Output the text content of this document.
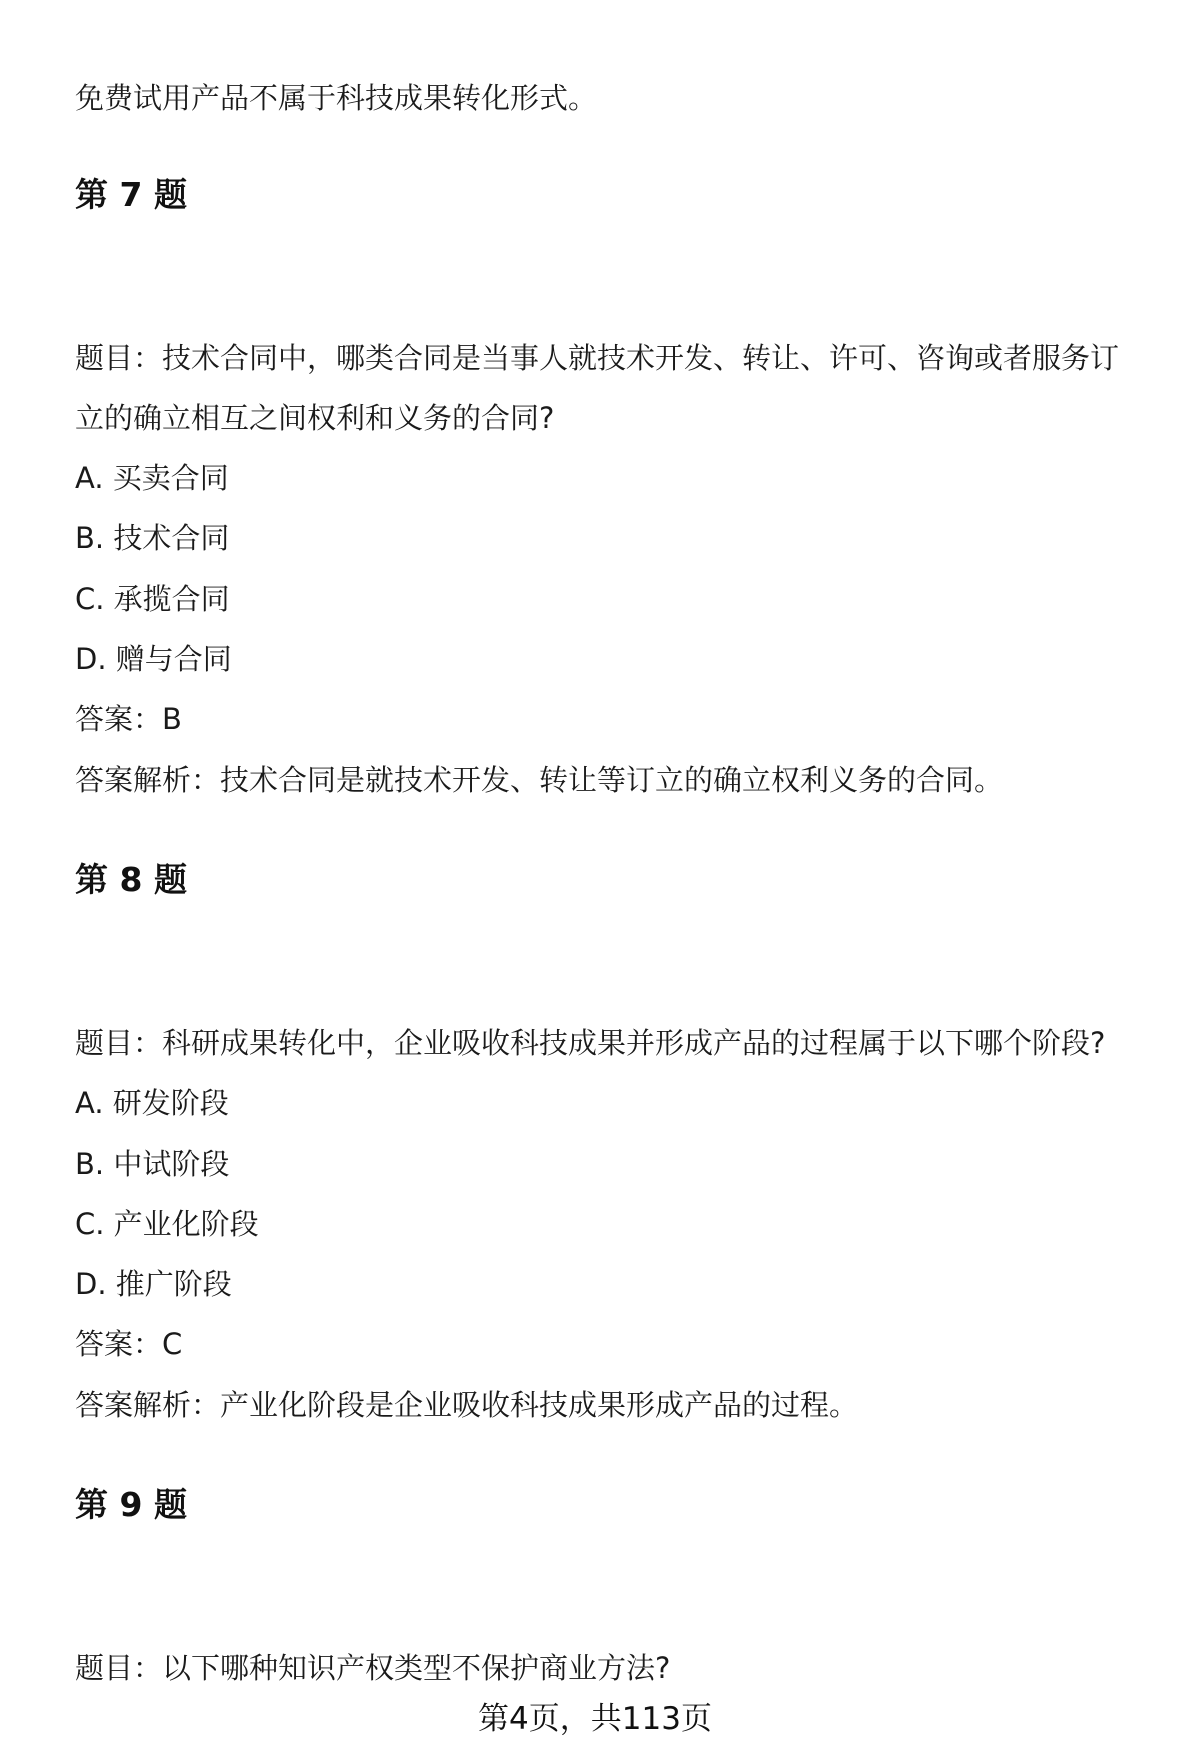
免费试用产品不属于科技成果转化形式。
第 7 题
题目：技术合同中，哪类合同是当事人就技术开发、转让、许可、咨询或者服务订
立的确立相互之间权利和义务的合同?
A. 买卖合同
B. 技术合同
C. 承揽合同
D. 赠与合同
答案：B
答案解析：技术合同是就技术开发、转让等订立的确立权利义务的合同。
第 8 题
题目：科研成果转化中，企业吸收科技成果并形成产品的过程属于以下哪个阶段?
A. 研发阶段
B. 中试阶段
C. 产业化阶段
D. 推广阶段
答案：C
答案解析：产业化阶段是企业吸收科技成果形成产品的过程。
第 9 题
题目：以下哪种知识产权类型不保护商业方法?
第4页，共113页
